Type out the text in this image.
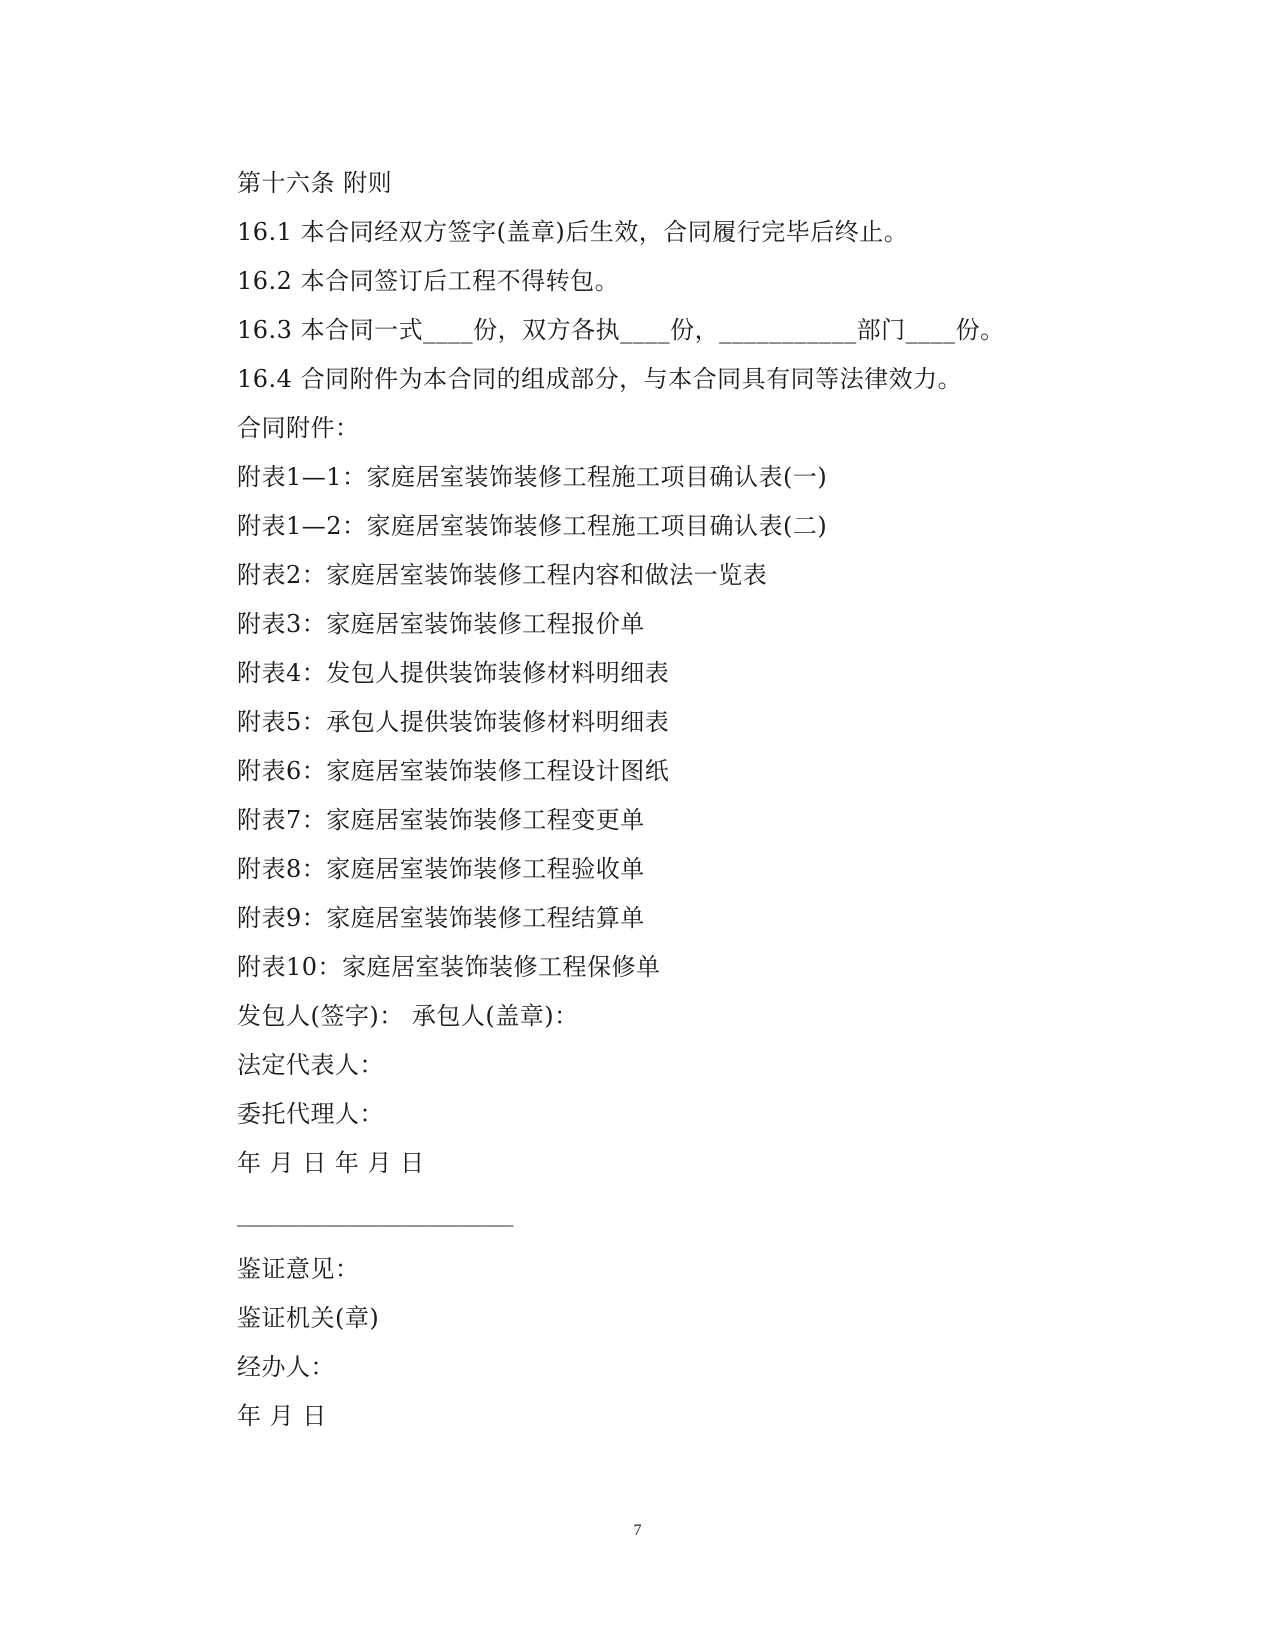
第十六条 附则
16.1 本合同经双方签字(盖章)后生效，合同履行完毕后终止。
16.2 本合同签订后工程不得转包。
16.3 本合同一式____份，双方各执____份，___________部门____份。
16.4 合同附件为本合同的组成部分，与本合同具有同等法律效力。
合同附件：
附表1—1：家庭居室装饰装修工程施工项目确认表(一)
附表1—2：家庭居室装饰装修工程施工项目确认表(二)
附表2：家庭居室装饰装修工程内容和做法一览表
附表3：家庭居室装饰装修工程报价单
附表4：发包人提供装饰装修材料明细表
附表5：承包人提供装饰装修材料明细表
附表6：家庭居室装饰装修工程设计图纸
附表7：家庭居室装饰装修工程变更单
附表8：家庭居室装饰装修工程验收单
附表9：家庭居室装饰装修工程结算单
附表10：家庭居室装饰装修工程保修单
发包人(签字)： 承包人(盖章)：
法定代表人：
委托代理人：
年 月 日 年 月 日
________________________
鉴证意见：
鉴证机关(章)
经办人：
年 月 日
7
